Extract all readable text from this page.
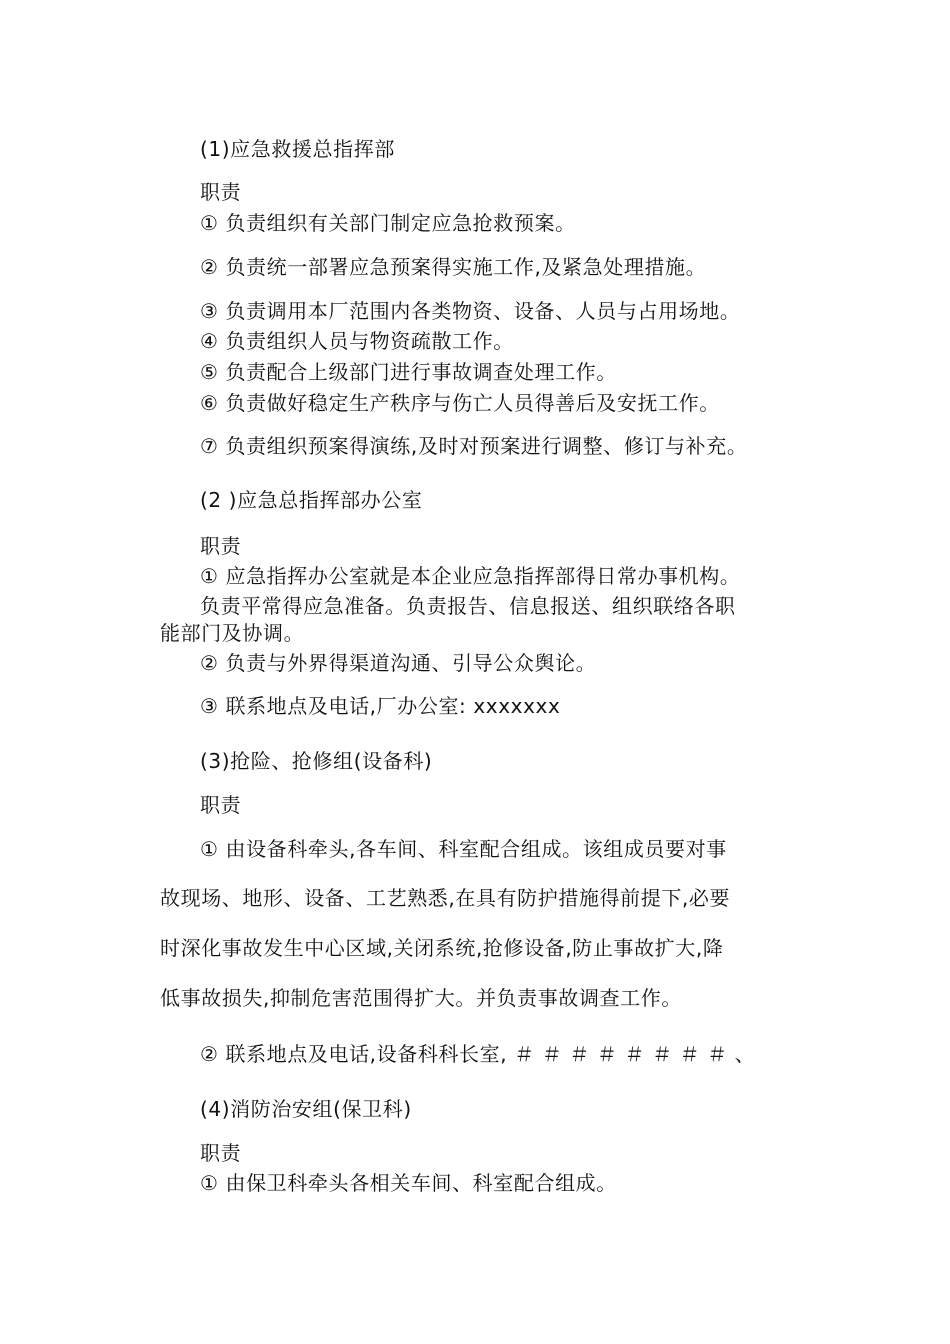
(1)应急救援总指挥部
职责
① 负责组织有关部门制定应急抢救预案。
② 负责统一部署应急预案得实施工作,及紧急处理措施。
③ 负责调用本厂范围内各类物资、设备、人员与占用场地。
④ 负责组织人员与物资疏散工作。
⑤ 负责配合上级部门进行事故调查处理工作。
⑥ 负责做好稳定生产秩序与伤亡人员得善后及安抚工作。
⑦ 负责组织预案得演练,及时对预案进行调整、修订与补充。
(2 )应急总指挥部办公室
职责
① 应急指挥办公室就是本企业应急指挥部得日常办事机构。
负责平常得应急准备。负责报告、信息报送、组织联络各职
能部门及协调。
② 负责与外界得渠道沟通、引导公众舆论。
③ 联系地点及电话,厂办公室: xxxxxxx
(3)抢险、抢修组(设备科)
职责
① 由设备科牵头,各车间、科室配合组成。该组成员要对事
故现场、地形、设备、工艺熟悉,在具有防护措施得前提下,必要
时深化事故发生中心区域,关闭系统,抢修设备,防止事故扩大,降
低事故损失,抑制危害范围得扩大。并负责事故调查工作。
② 联系地点及电话,设备科科长室, ＃ ＃ ＃ ＃ ＃ ＃ ＃ ＃ 、
(4)消防治安组(保卫科)
职责
① 由保卫科牵头各相关车间、科室配合组成。
